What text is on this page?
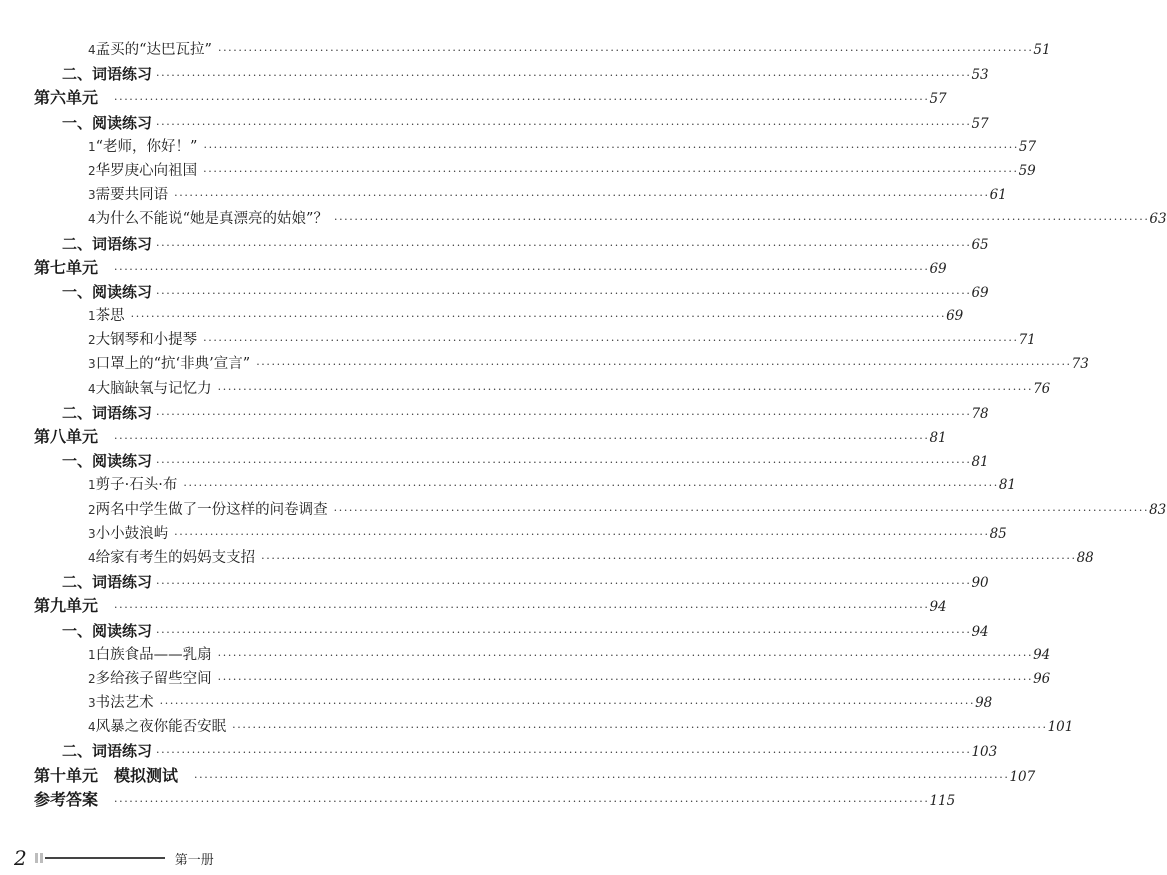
4 孟买的“达巴瓦拉” ································································································································································ 51
二、词语练习 ································································································································································ 53
第六单元 ································································································································································ 57
一、阅读练习 ································································································································································ 57
1 “老师，你好！” ································································································································································ 57
2 华罗庚心向祖国 ································································································································································ 59
3 需要共同语 ································································································································································ 61
4 为什么不能说“她是真漂亮的姑娘”？ ································································································································································ 63
二、词语练习 ································································································································································ 65
第七单元 ································································································································································ 69
一、阅读练习 ································································································································································ 69
1 茶思 ································································································································································ 69
2 大钢琴和小提琴 ································································································································································ 71
3 口罩上的“抗‘非典’宣言” ································································································································································ 73
4 大脑缺氧与记忆力 ································································································································································ 76
二、词语练习 ································································································································································ 78
第八单元 ································································································································································ 81
一、阅读练习 ································································································································································ 81
1 剪子·石头·布 ································································································································································ 81
2 两名中学生做了一份这样的问卷调查 ································································································································································ 83
3 小小鼓浪屿 ································································································································································ 85
4 给家有考生的妈妈支支招 ································································································································································ 88
二、词语练习 ································································································································································ 90
第九单元 ································································································································································ 94
一、阅读练习 ································································································································································ 94
1 白族食品——乳扇 ································································································································································ 94
2 多给孩子留些空间 ································································································································································ 96
3 书法艺术 ································································································································································ 98
4 风暴之夜你能否安眠 ································································································································································ 101
二、词语练习 ································································································································································ 103
第十单元　模拟测试 ································································································································································ 107
参考答案 ································································································································································ 115
2	第一册
